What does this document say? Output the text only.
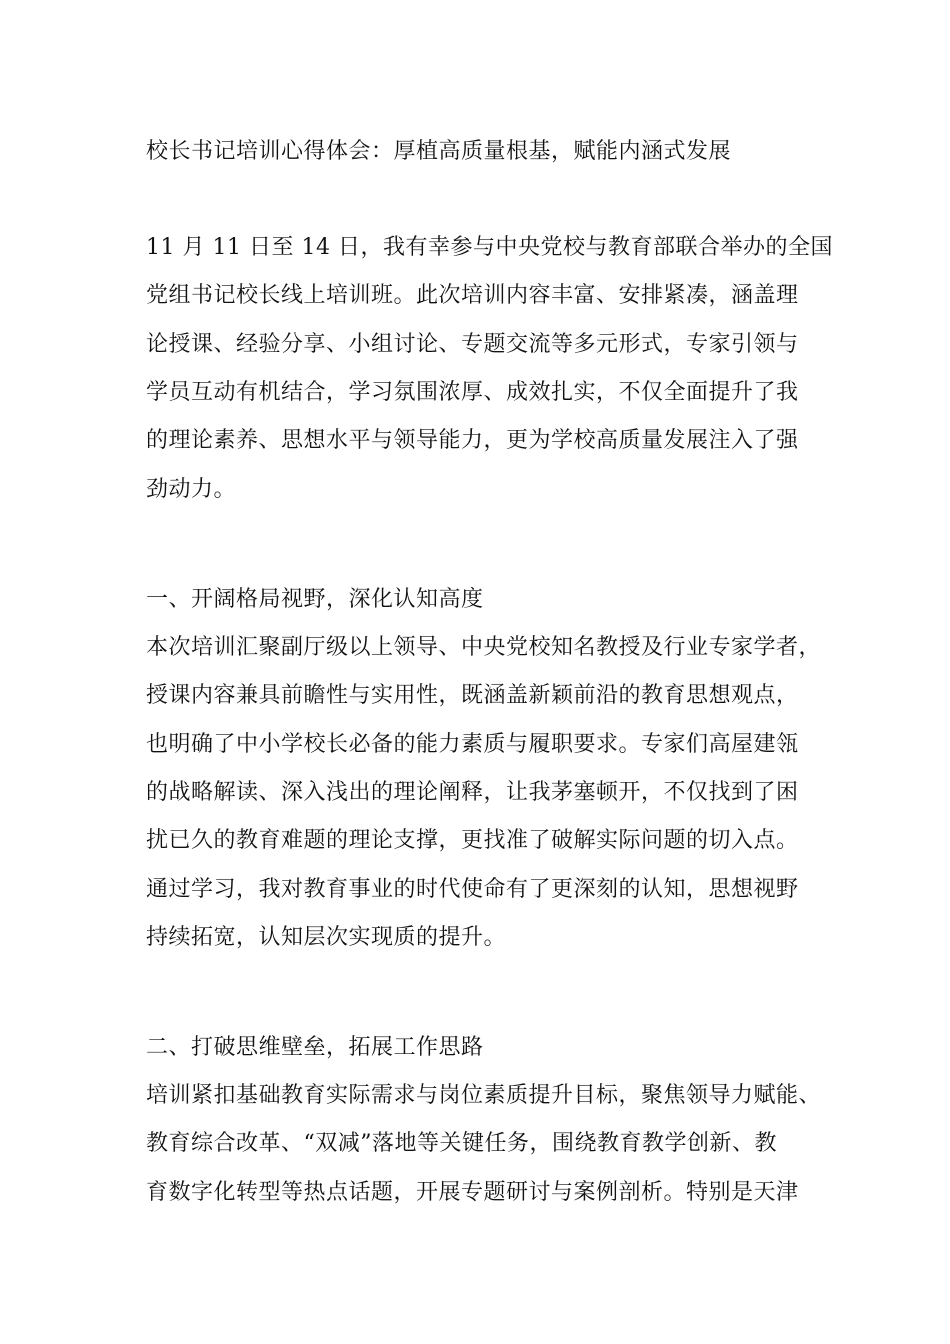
校长书记培训心得体会：厚植高质量根基，赋能内涵式发展
11 月 11 日至 14 日，我有幸参与中央党校与教育部联合举办的全国
党组书记校长线上培训班。此次培训内容丰富、安排紧凑，涵盖理
论授课、经验分享、小组讨论、专题交流等多元形式，专家引领与
学员互动有机结合，学习氛围浓厚、成效扎实，不仅全面提升了我
的理论素养、思想水平与领导能力，更为学校高质量发展注入了强
劲动力。
一、开阔格局视野，深化认知高度
本次培训汇聚副厅级以上领导、中央党校知名教授及行业专家学者，
授课内容兼具前瞻性与实用性，既涵盖新颖前沿的教育思想观点，
也明确了中小学校长必备的能力素质与履职要求。专家们高屋建瓴
的战略解读、深入浅出的理论阐释，让我茅塞顿开，不仅找到了困
扰已久的教育难题的理论支撑，更找准了破解实际问题的切入点。
通过学习，我对教育事业的时代使命有了更深刻的认知，思想视野
持续拓宽，认知层次实现质的提升。
二、打破思维壁垒，拓展工作思路
培训紧扣基础教育实际需求与岗位素质提升目标，聚焦领导力赋能、
教育综合改革、“双减”落地等关键任务，围绕教育教学创新、教
育数字化转型等热点话题，开展专题研讨与案例剖析。特别是天津
